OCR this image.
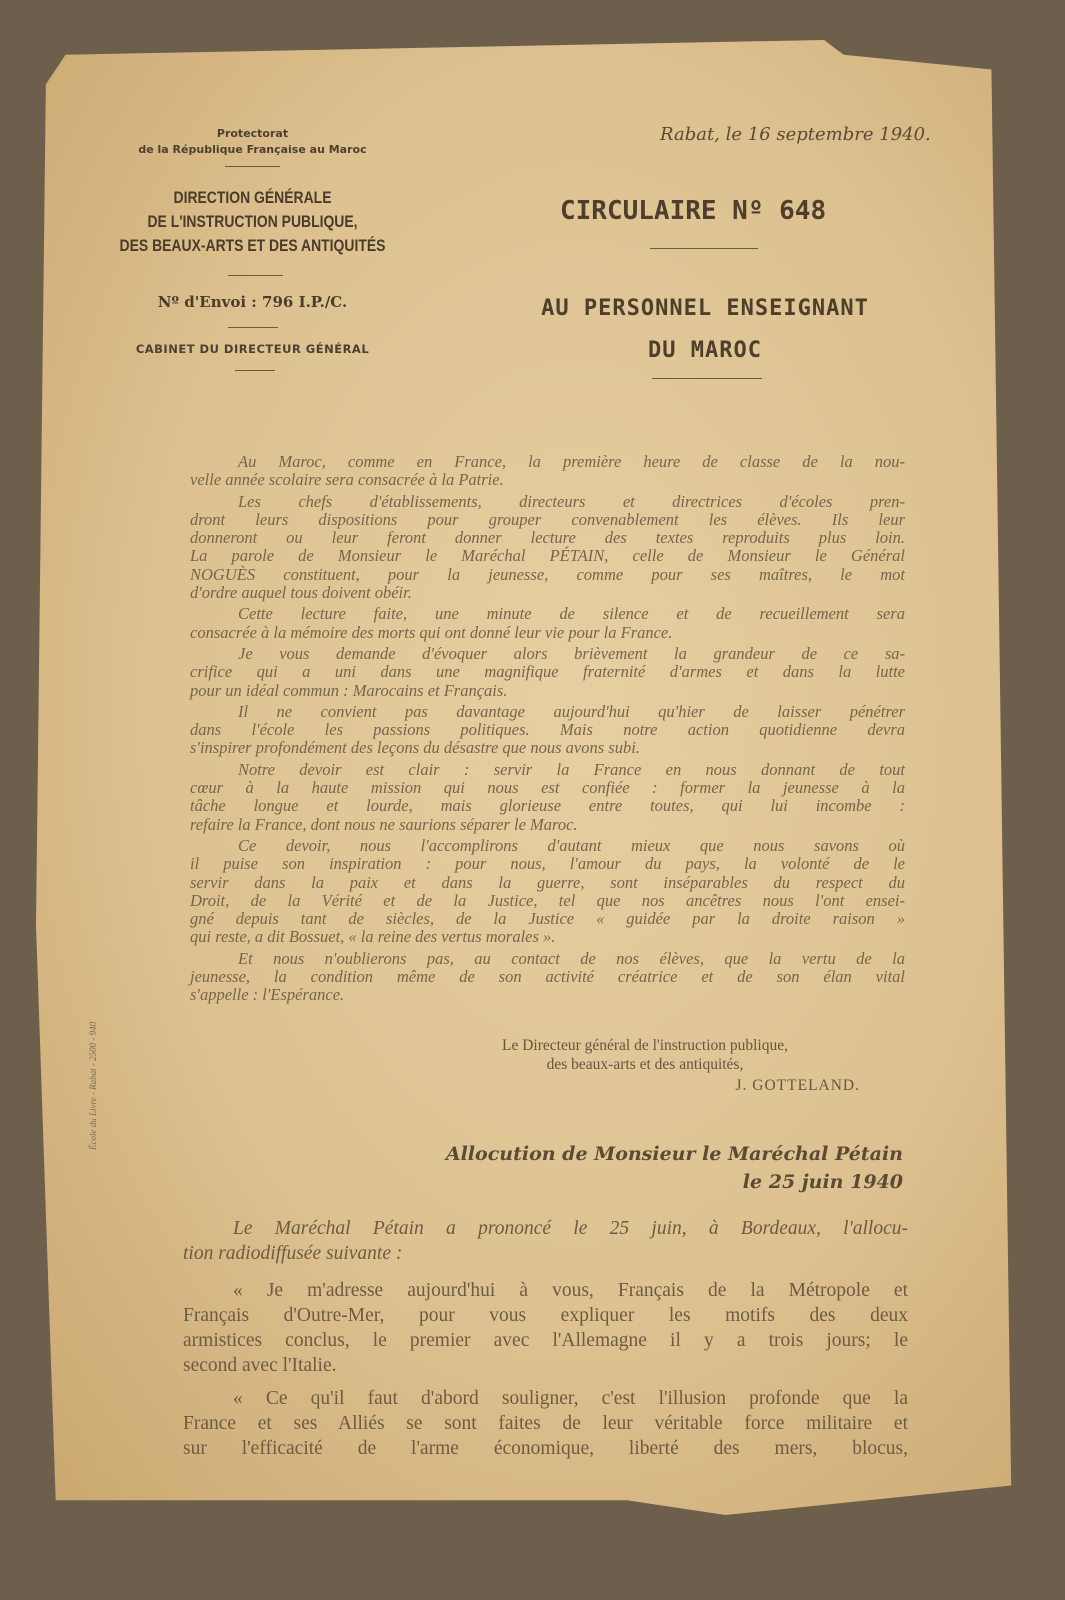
Protectorat
de la République Française au Maroc
DIRECTION GÉNÉRALE
DE L'INSTRUCTION PUBLIQUE,
DES BEAUX-ARTS ET DES ANTIQUITÉS
Nº d'Envoi : 796 I.P./C.
CABINET DU DIRECTEUR GÉNÉRAL
Rabat, le 16 septembre 1940.
CIRCULAIRE Nº 648
AU PERSONNEL ENSEIGNANT
DU MAROC
Au Maroc, comme en France, la première heure de classe de la nou-
velle année scolaire sera consacrée à la Patrie.
Les chefs d'établissements, directeurs et directrices d'écoles pren-
dront leurs dispositions pour grouper convenablement les élèves. Ils leur
donneront ou leur feront donner lecture des textes reproduits plus loin.
La parole de Monsieur le Maréchal PÉTAIN, celle de Monsieur le Général
NOGUÈS constituent, pour la jeunesse, comme pour ses maîtres, le mot
d'ordre auquel tous doivent obéir.
Cette lecture faite, une minute de silence et de recueillement sera
consacrée à la mémoire des morts qui ont donné leur vie pour la France.
Je vous demande d'évoquer alors brièvement la grandeur de ce sa-
crifice qui a uni dans une magnifique fraternité d'armes et dans la lutte
pour un idéal commun : Marocains et Français.
Il ne convient pas davantage aujourd'hui qu'hier de laisser pénétrer
dans l'école les passions politiques. Mais notre action quotidienne devra
s'inspirer profondément des leçons du désastre que nous avons subi.
Notre devoir est clair : servir la France en nous donnant de tout
cœur à la haute mission qui nous est confiée : former la jeunesse à la
tâche longue et lourde, mais glorieuse entre toutes, qui lui incombe :
refaire la France, dont nous ne saurions séparer le Maroc.
Ce devoir, nous l'accomplirons d'autant mieux que nous savons où
il puise son inspiration : pour nous, l'amour du pays, la volonté de le
servir dans la paix et dans la guerre, sont inséparables du respect du
Droit, de la Vérité et de la Justice, tel que nos ancêtres nous l'ont ensei-
gné depuis tant de siècles, de la Justice « guidée par la droite raison »
qui reste, a dit Bossuet, « la reine des vertus morales ».
Et nous n'oublierons pas, au contact de nos élèves, que la vertu de la
jeunesse, la condition même de son activité créatrice et de son élan vital
s'appelle : l'Espérance.
Le Directeur général de l'instruction publique,
des beaux-arts et des antiquités,
J. GOTTELAND.
Allocution de Monsieur le Maréchal Pétain
le 25 juin 1940
Le Maréchal Pétain a prononcé le 25 juin, à Bordeaux, l'allocu-
tion radiodiffusée suivante :
« Je m'adresse aujourd'hui à vous, Français de la Métropole et
Français d'Outre-Mer, pour vous expliquer les motifs des deux
armistices conclus, le premier avec l'Allemagne il y a trois jours; le
second avec l'Italie.
« Ce qu'il faut d'abord souligner, c'est l'illusion profonde que la
France et ses Alliés se sont faites de leur véritable force militaire et
sur l'efficacité de l'arme économique, liberté des mers, blocus,
École du Livre - Rabat - 2500 - 940
